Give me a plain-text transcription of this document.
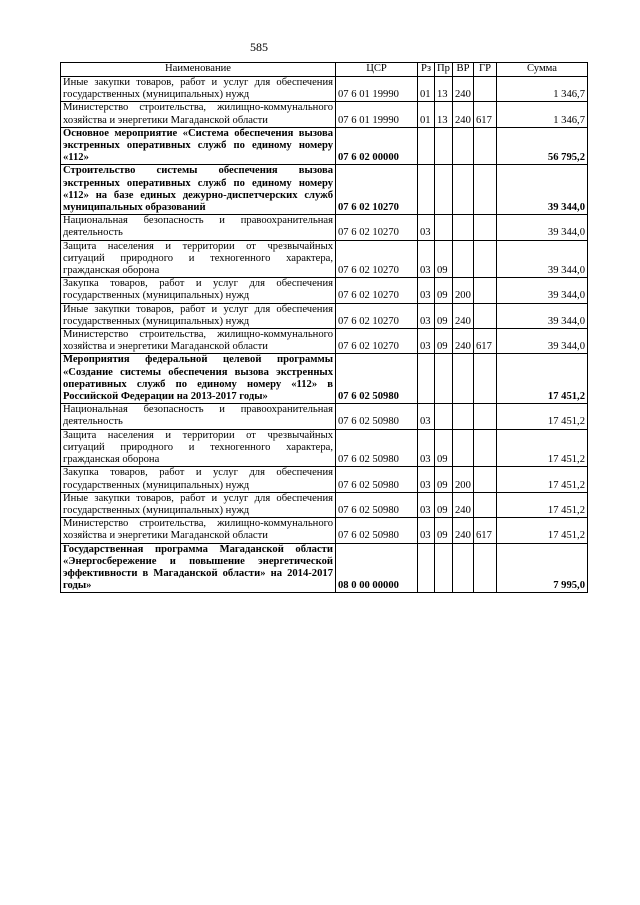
585
Наименование	ЦСР	Рз	Пр	ВР	ГР	Сумма
Иные закупки товаров, работ и услуг для обеспечения государственных (муниципальных) нужд	07 6 01 19990	01	13	240		1 346,7
Министерство строительства, жилищно-коммунального хозяйства и энергетики Магаданской области	07 6 01 19990	01	13	240	617	1 346,7
Основное мероприятие «Система обеспечения вызова экстренных оперативных служб по единому номеру «112»	07 6 02 00000					56 795,2
Строительство системы обеспечения вызова экстренных оперативных служб по единому номеру «112» на базе единых дежурно-диспетчерских служб муниципальных образований	07 6 02 10270					39 344,0
Национальная безопасность и правоохранительная деятельность	07 6 02 10270	03				39 344,0
Защита населения и территории от чрезвычайных ситуаций природного и техногенного характера, гражданская оборона	07 6 02 10270	03	09			39 344,0
Закупка товаров, работ и услуг для обеспечения государственных (муниципальных) нужд	07 6 02 10270	03	09	200		39 344,0
Иные закупки товаров, работ и услуг для обеспечения государственных (муниципальных) нужд	07 6 02 10270	03	09	240		39 344,0
Министерство строительства, жилищно-коммунального хозяйства и энергетики Магаданской области	07 6 02 10270	03	09	240	617	39 344,0
Мероприятия федеральной целевой программы «Создание системы обеспечения вызова экстренных оперативных служб по единому номеру «112» в Российской Федерации на 2013-2017 годы»	07 6 02 50980					17 451,2
Национальная безопасность и правоохранительная деятельность	07 6 02 50980	03				17 451,2
Защита населения и территории от чрезвычайных ситуаций природного и техногенного характера, гражданская оборона	07 6 02 50980	03	09			17 451,2
Закупка товаров, работ и услуг для обеспечения государственных (муниципальных) нужд	07 6 02 50980	03	09	200		17 451,2
Иные закупки товаров, работ и услуг для обеспечения государственных (муниципальных) нужд	07 6 02 50980	03	09	240		17 451,2
Министерство строительства, жилищно-коммунального хозяйства и энергетики Магаданской области	07 6 02 50980	03	09	240	617	17 451,2
Государственная программа Магаданской области «Энергосбережение и повышение энергетической эффективности в Магаданской области» на 2014-2017 годы»	08 0 00 00000					7 995,0
